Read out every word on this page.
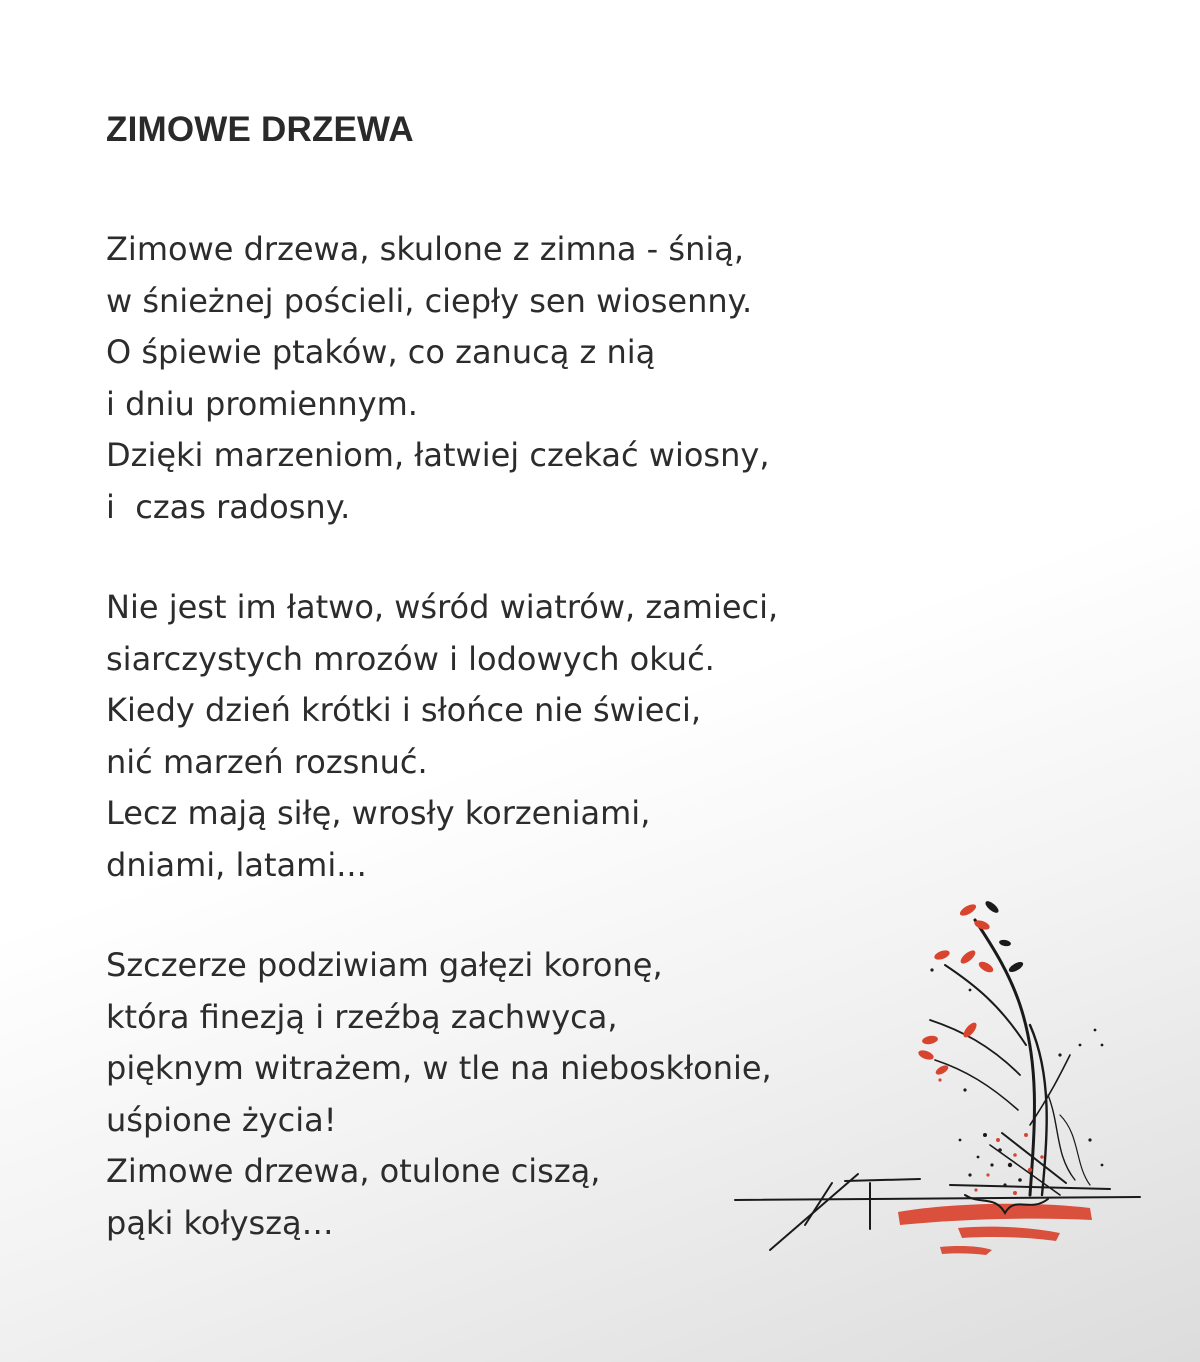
ZIMOWE DRZEWA
Zimowe drzewa, skulone z zimna - śnią,
w śnieżnej pościeli, ciepły sen wiosenny.
O śpiewie ptaków, co zanucą z nią
i dniu promiennym.
Dzięki marzeniom, łatwiej czekać wiosny,
i  czas radosny.
Nie jest im łatwo, wśród wiatrów, zamieci,
siarczystych mrozów i lodowych okuć.
Kiedy dzień krótki i słońce nie świeci,
nić marzeń rozsnuć.
Lecz mają siłę, wrosły korzeniami,
dniami, latami...
Szczerze podziwiam gałęzi koronę,
która finezją i rzeźbą zachwyca,
pięknym witrażem, w tle na nieboskłonie,
uśpione życia!
Zimowe drzewa, otulone ciszą,
pąki kołyszą…
